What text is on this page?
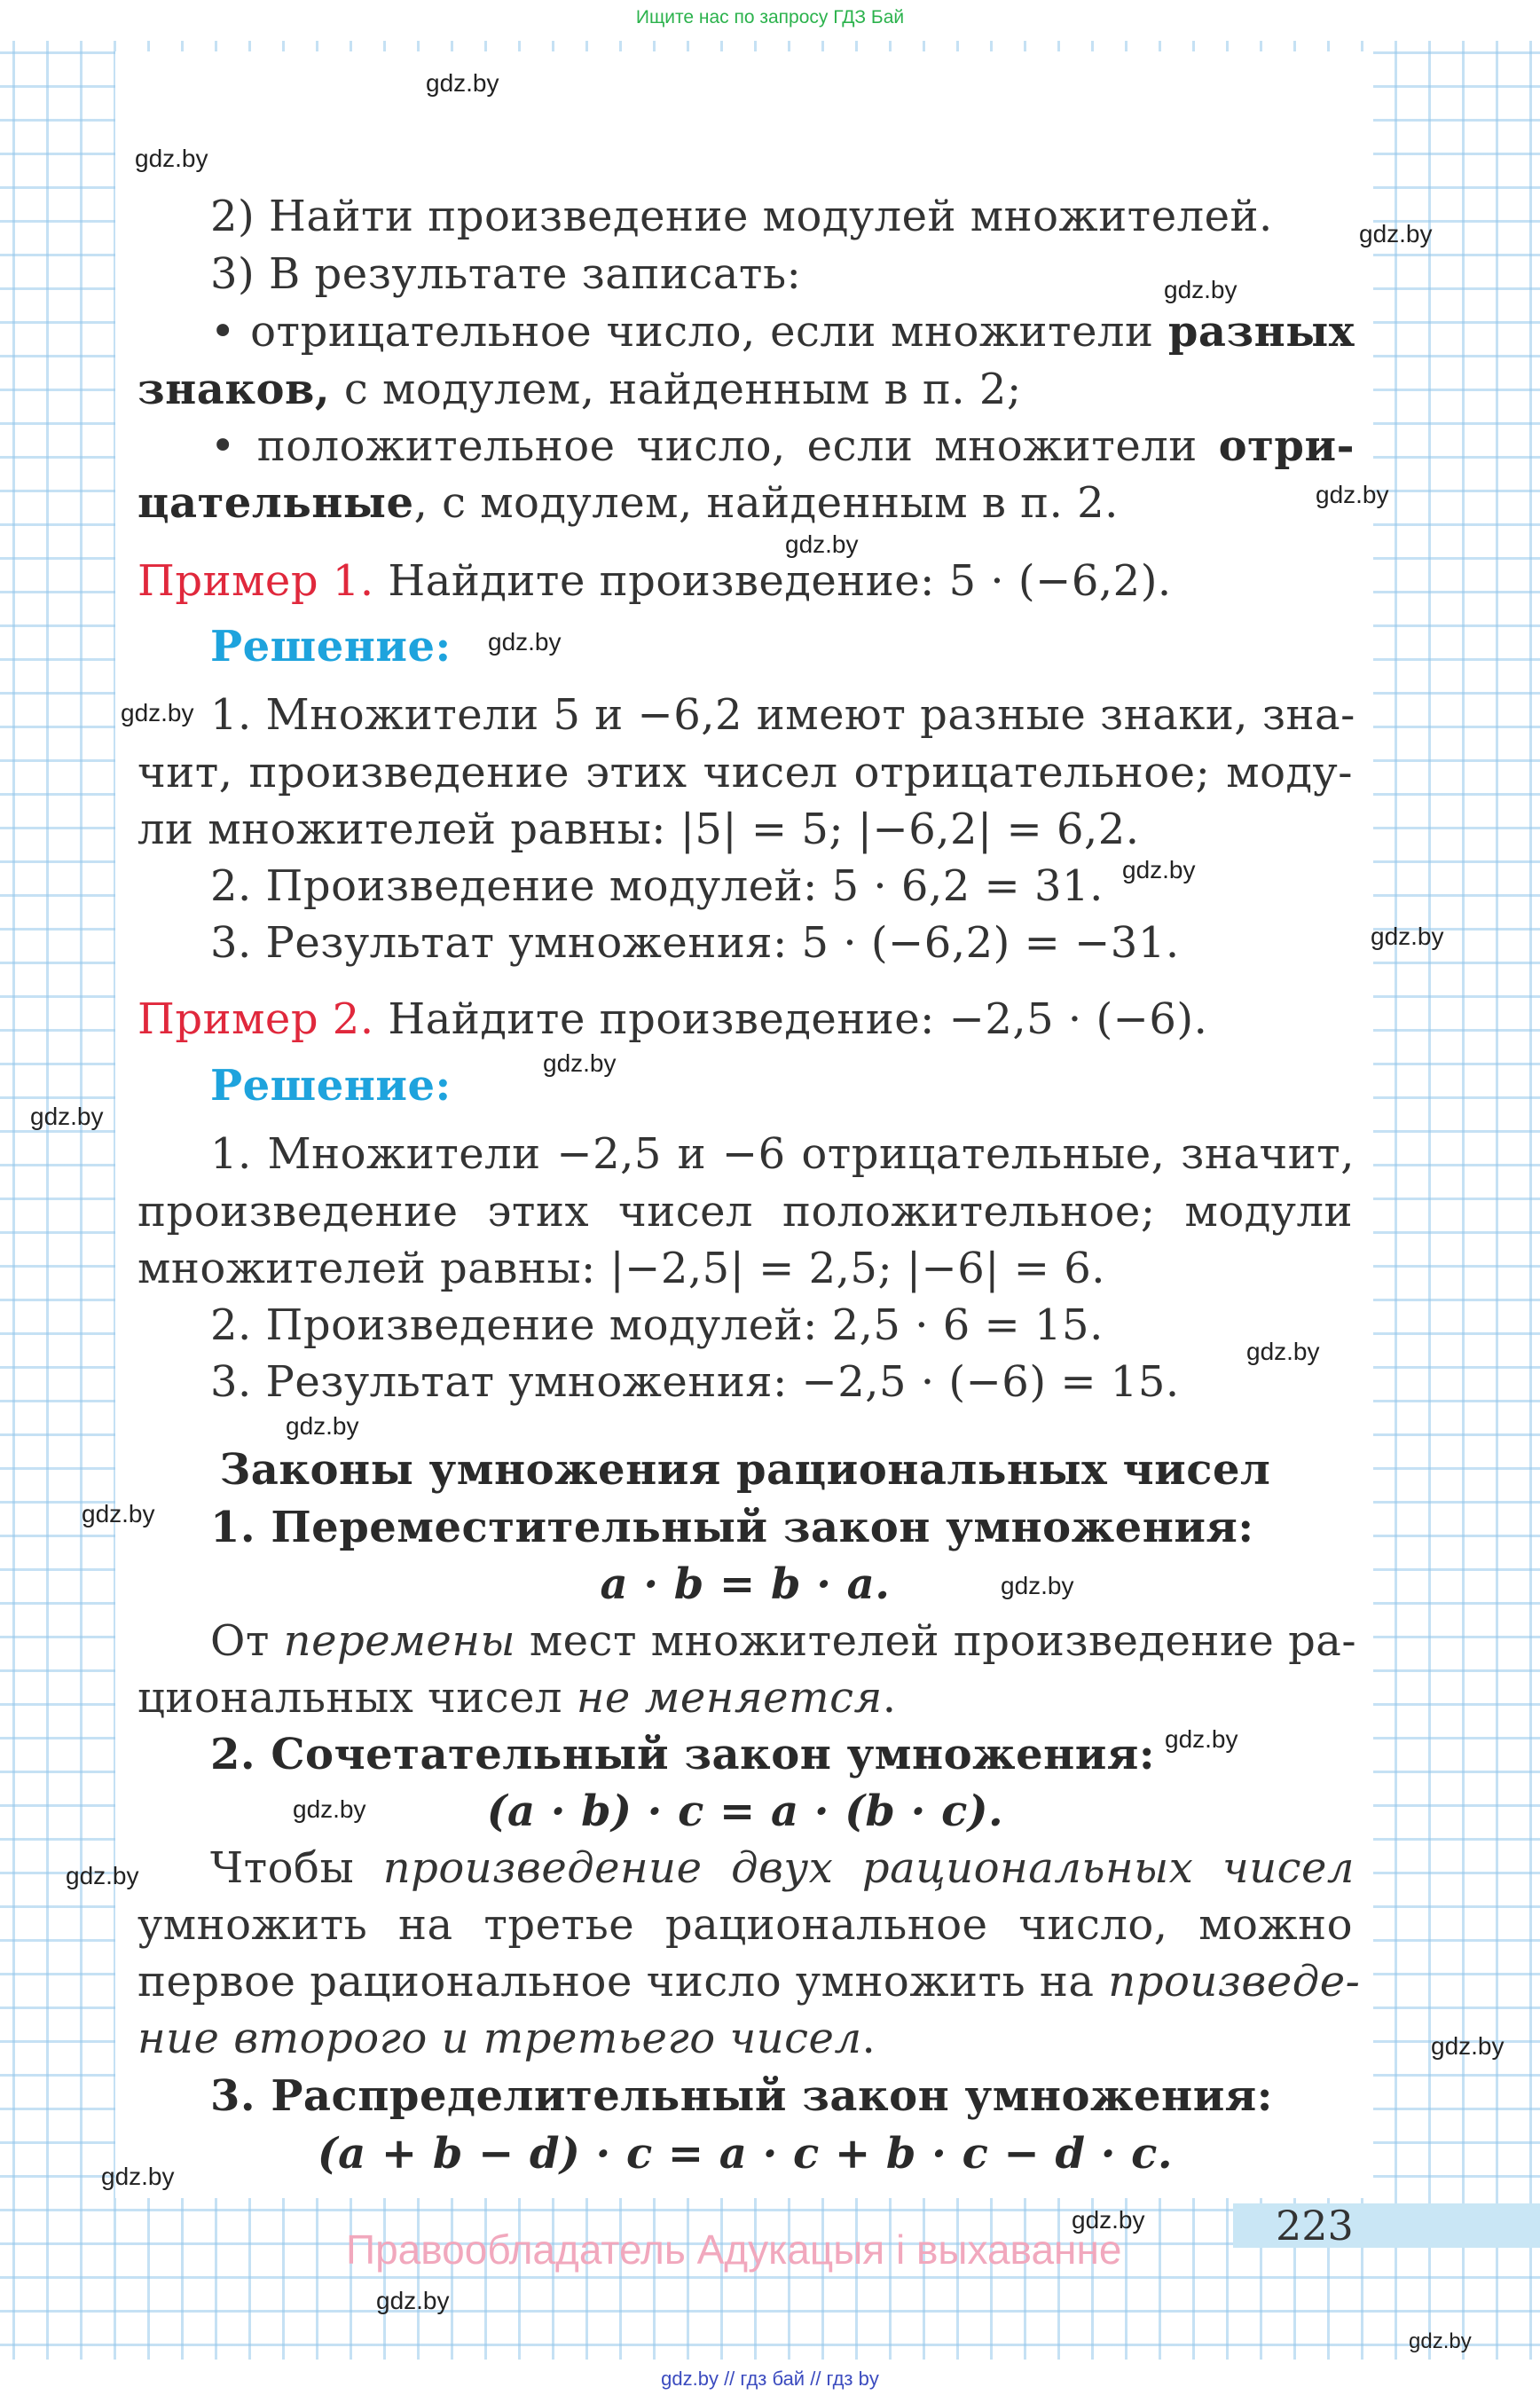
Ищите нас по запросу ГДЗ Бай
2) Найти произведение модулей множителей.
3) В результате записать:
• отрицательное число, если множители разных
знаков, с модулем, найденным в п. 2;
• положительное число, если множители отри-
цательные, с модулем, найденным в п. 2.
Пример 1. Найдите произведение: 5 · (−6,2).
Решение:
1. Множители 5 и −6,2 имеют разные знаки, зна-
чит, произведение этих чисел отрицательное; моду-
ли множителей равны: |5| = 5; |−6,2| = 6,2.
2. Произведение модулей: 5 · 6,2 = 31.
3. Результат умножения: 5 · (−6,2) = −31.
Пример 2. Найдите произведение: −2,5 · (−6).
Решение:
1. Множители −2,5 и −6 отрицательные, значит,
произведение этих чисел положительное; модули
множителей равны: |−2,5| = 2,5; |−6| = 6.
2. Произведение модулей: 2,5 · 6 = 15.
3. Результат умножения: −2,5 · (−6) = 15.
Законы умножения рациональных чисел
1. Переместительный закон умножения:
a · b = b · a.
От перемены мест множителей произведение ра-
циональных чисел не меняется.
2. Сочетательный закон умножения:
(a · b) · c = a · (b · c).
Чтобы произведение двух рациональных чисел
умножить на третье рациональное число, можно
первое рациональное число умножить на произведе-
ние второго и третьего чисел.
3. Распределительный закон умножения:
(a + b − d) · c = a · c + b · c − d · c.
223
Правообладатель Адукацыя і выхаванне
gdz.by
gdz.by
gdz.by
gdz.by
gdz.by
gdz.by
gdz.by
gdz.by
gdz.by
gdz.by
gdz.by
gdz.by
gdz.by
gdz.by
gdz.by
gdz.by
gdz.by
gdz.by
gdz.by
gdz.by
gdz.by
gdz.by
gdz.by
gdz.by
gdz.by // гдз бай // гдз by
